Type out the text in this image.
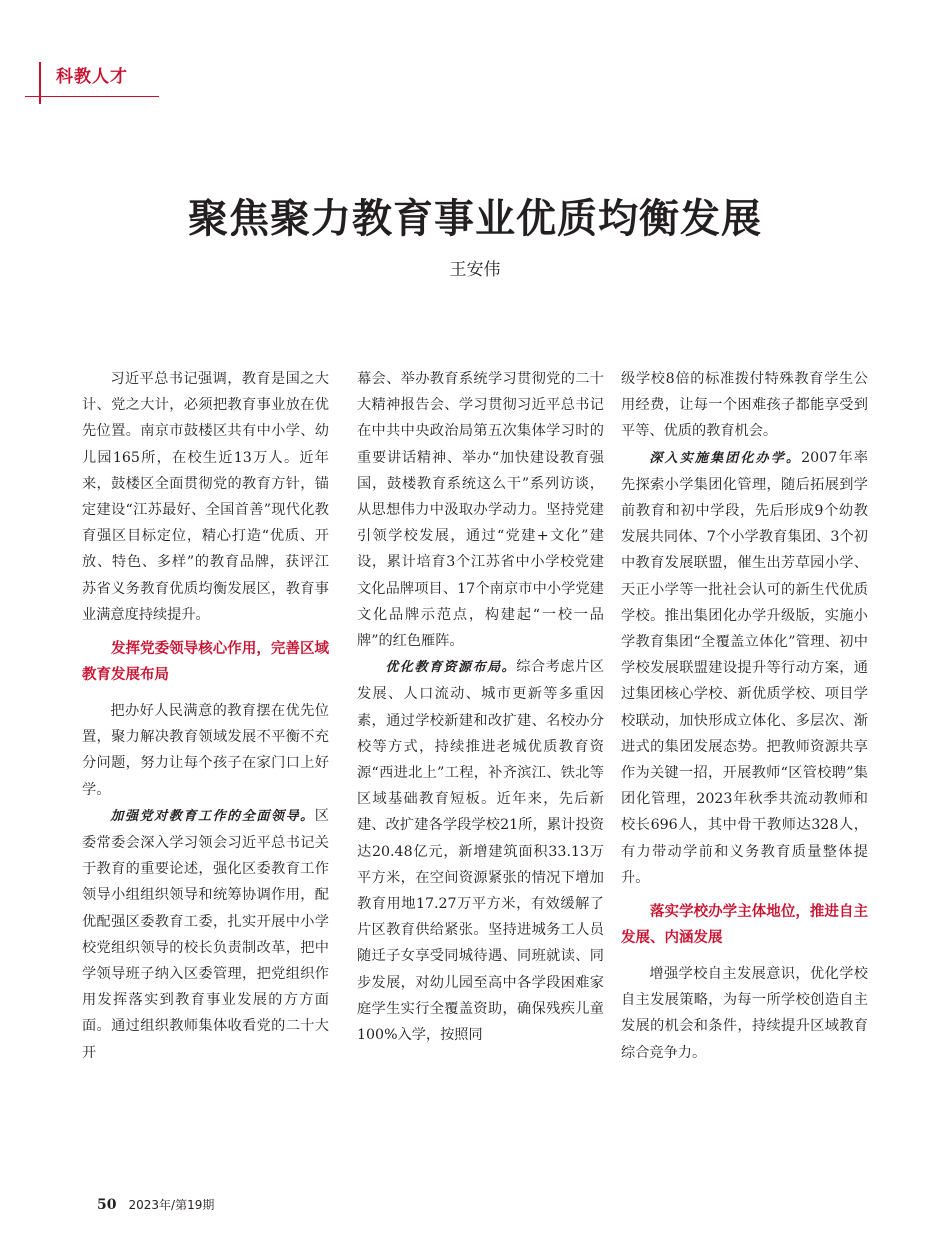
科教人才
聚焦聚力教育事业优质均衡发展
王安伟

习近平总书记强调，教育是国之大计、党之大计，必须把教育事业放在优先位置。南京市鼓楼区共有中小学、幼儿园165所，在校生近13万人。近年来，鼓楼区全面贯彻党的教育方针，锚定建设“江苏最好、全国首善”现代化教育强区目标定位，精心打造“优质、开放、特色、多样”的教育品牌，获评江苏省义务教育优质均衡发展区，教育事业满意度持续提升。

发挥党委领导核心作用，完善区域教育发展布局

把办好人民满意的教育摆在优先位置，聚力解决教育领域发展不平衡不充分问题，努力让每个孩子在家门口上好学。

加强党对教育工作的全面领导。区委常委会深入学习领会习近平总书记关于教育的重要论述，强化区委教育工作领导小组组织领导和统筹协调作用，配优配强区委教育工委，扎实开展中小学校党组织领导的校长负责制改革，把中学领导班子纳入区委管理，把党组织作用发挥落实到教育事业发展的方方面面。通过组织教师集体收看党的二十大开

幕会、举办教育系统学习贯彻党的二十大精神报告会、学习贯彻习近平总书记在中共中央政治局第五次集体学习时的重要讲话精神、举办“加快建设教育强国，鼓楼教育系统这么干”系列访谈，从思想伟力中汲取办学动力。坚持党建引领学校发展，通过“党建+文化”建设，累计培育3个江苏省中小学校党建文化品牌项目、17个南京市中小学党建文化品牌示范点，构建起“一校一品牌”的红色雁阵。

优化教育资源布局。综合考虑片区发展、人口流动、城市更新等多重因素，通过学校新建和改扩建、名校办分校等方式，持续推进老城优质教育资源“西进北上”工程，补齐滨江、铁北等区域基础教育短板。近年来，先后新建、改扩建各学段学校21所，累计投资达20.48亿元，新增建筑面积33.13万平方米，在空间资源紧张的情况下增加教育用地17.27万平方米，有效缓解了片区教育供给紧张。坚持进城务工人员随迁子女享受同城待遇、同班就读、同步发展，对幼儿园至高中各学段困难家庭学生实行全覆盖资助，确保残疾儿童100%入学，按照同

级学校8倍的标准拨付特殊教育学生公用经费，让每一个困难孩子都能享受到平等、优质的教育机会。

深入实施集团化办学。2007年率先探索小学集团化管理，随后拓展到学前教育和初中学段，先后形成9个幼教发展共同体、7个小学教育集团、3个初中教育发展联盟，催生出芳草园小学、天正小学等一批社会认可的新生代优质学校。推出集团化办学升级版，实施小学教育集团“全覆盖立体化”管理、初中学校发展联盟建设提升等行动方案，通过集团核心学校、新优质学校、项目学校联动，加快形成立体化、多层次、渐进式的集团发展态势。把教师资源共享作为关键一招，开展教师“区管校聘”集团化管理，2023年秋季共流动教师和校长696人，其中骨干教师达328人，有力带动学前和义务教育质量整体提升。

落实学校办学主体地位，推进自主发展、内涵发展

增强学校自主发展意识，优化学校自主发展策略，为每一所学校创造自主发展的机会和条件，持续提升区域教育综合竞争力。

50 2023年/第19期
